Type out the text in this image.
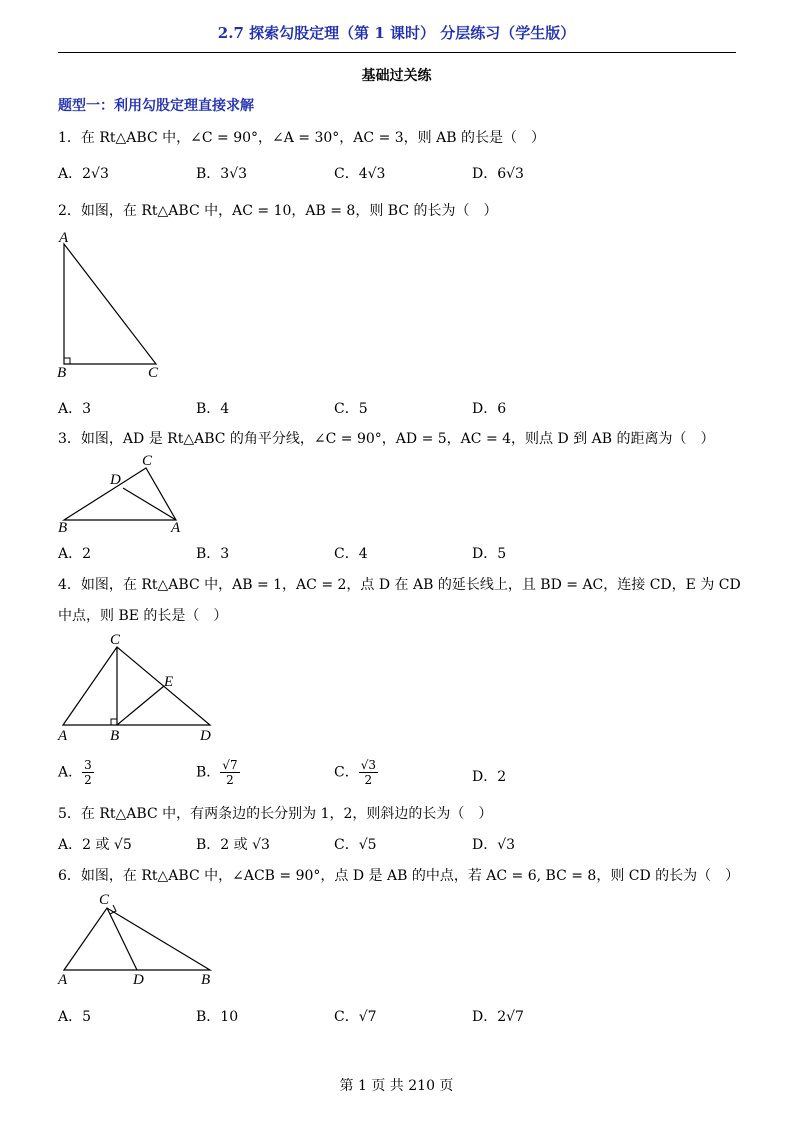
2.7 探索勾股定理（第 1 课时） 分层练习（学生版）
基础过关练
题型一：利用勾股定理直接求解
1．在 Rt△ABC 中，∠C = 90°，∠A = 30°，AC = 3，则 AB 的长是（　）
A．2√3	B．3√3	C．4√3	D．6√3
2．如图，在 Rt△ABC 中，AC = 10，AB = 8，则 BC 的长为（　）
A
B	C
A．3	B．4	C．5	D．6
3．如图，AD 是 Rt△ABC 的角平分线，∠C = 90°，AD = 5，AC = 4，则点 D 到 AB 的距离为（　）
C
D
B	A
A．2	B．3	C．4	D．5
4．如图，在 Rt△ABC 中，AB = 1，AC = 2，点 D 在 AB 的延长线上，且 BD = AC，连接 CD，E 为 CD
中点，则 BE 的长是（　）
C
E
A	B	D
A． $\frac{3}{2}$	B． $\frac{√7}{2}$	C． $\frac{√3}{2}$	D．2
5．在 Rt△ABC 中，有两条边的长分别为 1，2，则斜边的长为（　）
A．2 或 √5	B．2 或 √3	C．√5	D．√3
6．如图，在 Rt△ABC 中，∠ACB = 90°，点 D 是 AB 的中点，若 AC = 6, BC = 8，则 CD 的长为（　）
C
A	D	B
A．5	B．10	C．√7	D．2√7
第 1 页 共 210 页
